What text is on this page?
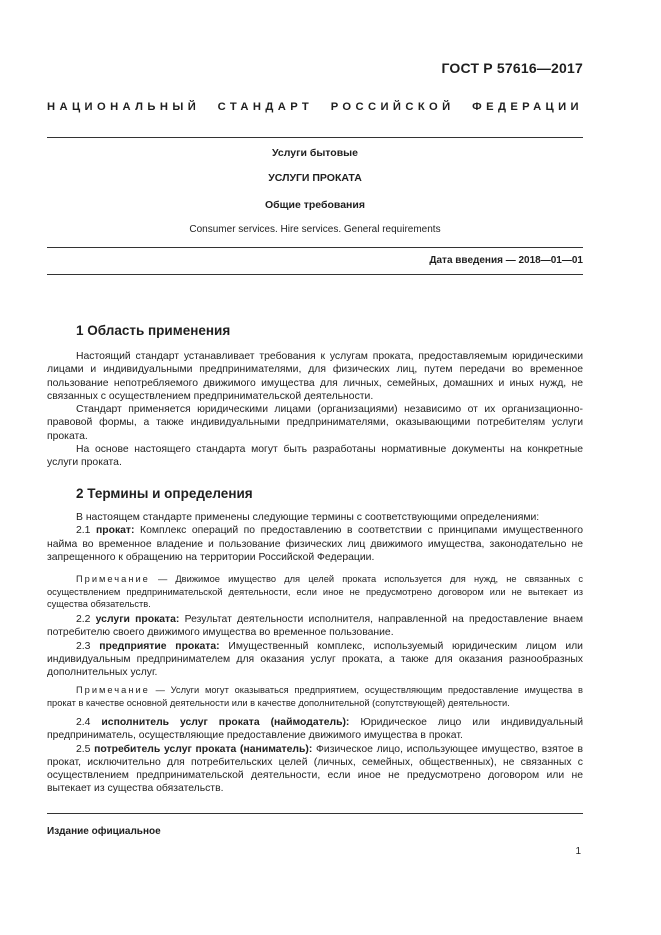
ГОСТ Р 57616—2017
НАЦИОНАЛЬНЫЙ СТАНДАРТ РОССИЙСКОЙ ФЕДЕРАЦИИ
Услуги бытовые
УСЛУГИ ПРОКАТА
Общие требования
Consumer services. Hire services. General requirements
Дата введения — 2018—01—01
1 Область применения
Настоящий стандарт устанавливает требования к услугам проката, предоставляемым юридическими лицами и индивидуальными предпринимателями, для физических лиц, путем передачи во временное пользование непотребляемого движимого имущества для личных, семейных, домашних и иных нужд, не связанных с осуществлением предпринимательской деятельности.
Стандарт применяется юридическими лицами (организациями) независимо от их организационно-правовой формы, а также индивидуальными предпринимателями, оказывающими потребителям услуги проката.
На основе настоящего стандарта могут быть разработаны нормативные документы на конкретные услуги проката.
2 Термины и определения
В настоящем стандарте применены следующие термины с соответствующими определениями:
2.1 прокат: Комплекс операций по предоставлению в соответствии с принципами имущественного найма во временное владение и пользование физических лиц движимого имущества, законодательно не запрещенного к обращению на территории Российской Федерации.
Примечание — Движимое имущество для целей проката используется для нужд, не связанных с осуществлением предпринимательской деятельности, если иное не предусмотрено договором или не вытекает из существа обязательств.
2.2 услуги проката: Результат деятельности исполнителя, направленной на предоставление внаем потребителю своего движимого имущества во временное пользование.
2.3 предприятие проката: Имущественный комплекс, используемый юридическим лицом или индивидуальным предпринимателем для оказания услуг проката, а также для оказания разнообразных дополнительных услуг.
Примечание — Услуги могут оказываться предприятием, осуществляющим предоставление имущества в прокат в качестве основной деятельности или в качестве дополнительной (сопутствующей) деятельности.
2.4 исполнитель услуг проката (наймодатель): Юридическое лицо или индивидуальный предприниматель, осуществляющие предоставление движимого имущества в прокат.
2.5 потребитель услуг проката (наниматель): Физическое лицо, использующее имущество, взятое в прокат, исключительно для потребительских целей (личных, семейных, общественных), не связанных с осуществлением предпринимательской деятельности, если иное не предусмотрено договором или не вытекает из существа обязательств.
Издание официальное
1
